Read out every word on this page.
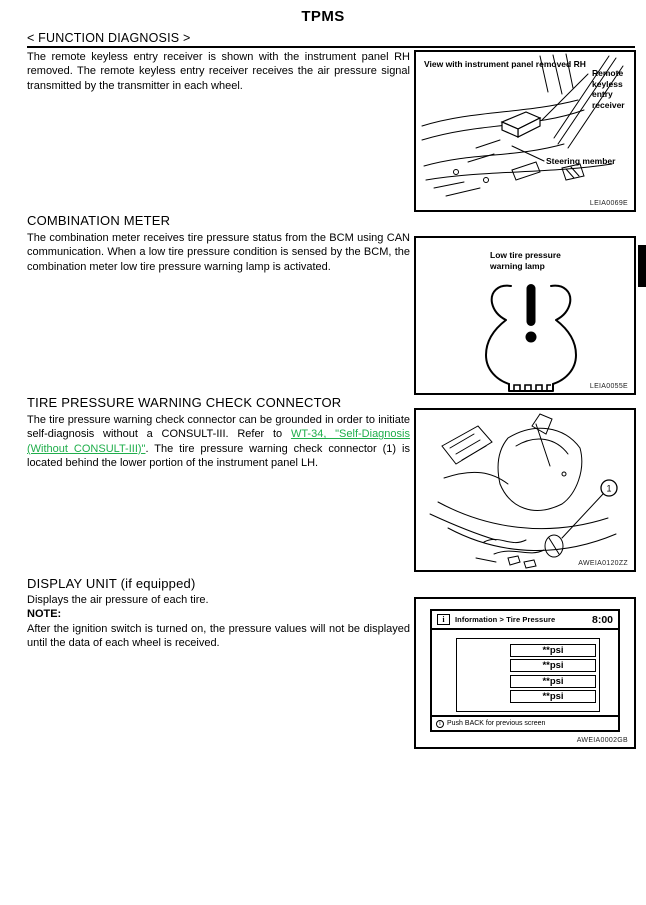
TPMS
< FUNCTION DIAGNOSIS >
The remote keyless entry receiver is shown with the instrument panel RH removed. The remote keyless entry receiver receives the air pressure signal transmitted by the transmitter in each wheel.
View with instrument panel removed RH
Remote
keyless
entry
receiver
Steering member
LEIA0069E
COMBINATION METER
The combination meter receives tire pressure status from the BCM using CAN communication. When a low tire pressure condition is sensed by the BCM, the combination meter low tire pressure warning lamp is activated.
Low tire pressure
warning lamp
LEIA0055E
TIRE PRESSURE WARNING CHECK CONNECTOR
The tire pressure warning check connector can be grounded in order to initiate self-diagnosis without a CONSULT-III. Refer to WT-34, "Self-Diagnosis (Without CONSULT-III)". The tire pressure warning check connector (1) is located behind the lower portion of the instrument panel LH.
1
AWEIA0120ZZ
DISPLAY UNIT (if equipped)
Displays the air pressure of each tire.
NOTE:
After the ignition switch is turned on, the pressure values will not be displayed until the data of each wheel is received.
i	Information > Tire Pressure	8:00
**psi
**psi
**psi
**psi
i Push BACK for previous screen
AWEIA0002GB
